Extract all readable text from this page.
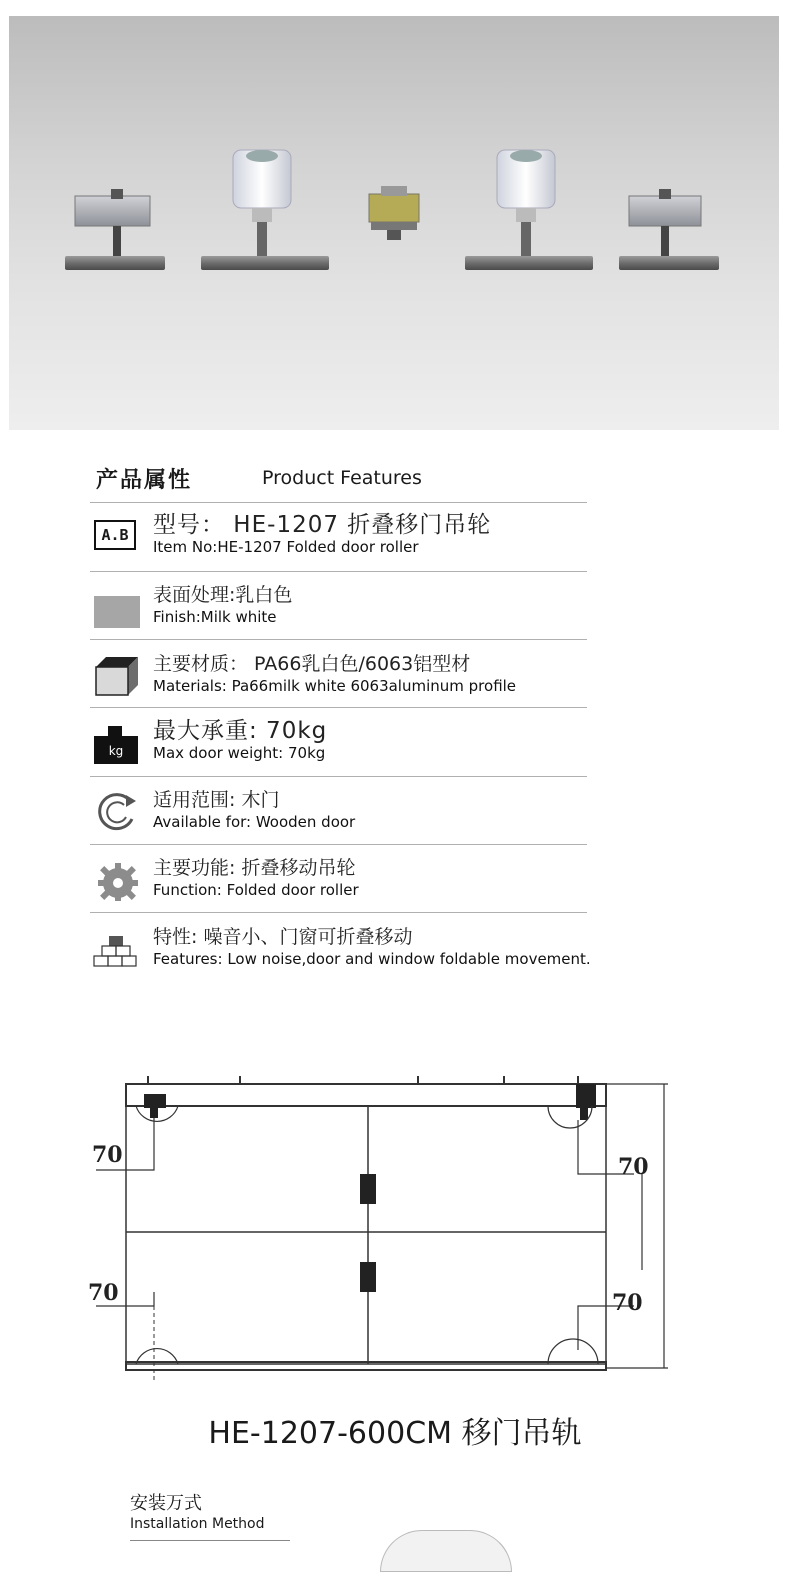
产品属性	Product Features
A.B	型号： HE-1207 折叠移门吊轮
Item No:HE-1207 Folded door roller
表面处理:乳白色
Finish:Milk white
主要材质： PA66乳白色/6063铝型材
Materials: Pa66milk white 6063aluminum profile
kg
最大承重: 70kg
Max door weight: 70kg
适用范围: 木门
Available for: Wooden door
主要功能: 折叠移动吊轮
Function: Folded door roller
特性: 噪音小、门窗可折叠移动
Features: Low noise,door and window foldable movement.
70	70
70	70
HE-1207-600CM 移门吊轨
安装万式
Installation Method
